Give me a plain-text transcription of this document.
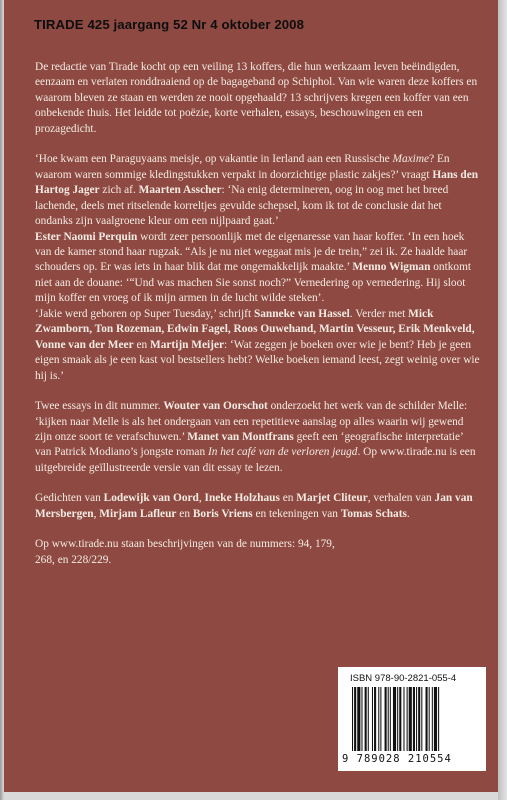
TIRADE 425 jaargang 52 Nr 4 oktober 2008

De redactie van Tirade kocht op een veiling 13 koffers, die hun werkzaam leven beëindigden, eenzaam en verlaten ronddraaiend op de bagageband op Schiphol. Van wie waren deze koffers en waarom bleven ze staan en werden ze nooit opgehaald? 13 schrijvers kregen een koffer van een onbekende thuis. Het leidde tot poëzie, korte verhalen, essays, beschouwingen en een prozagedicht.

‘Hoe kwam een Paraguyaans meisje, op vakantie in Ierland aan een Russische Maxime? En waarom waren sommige kledingstukken verpakt in doorzichtige plastic zakjes?’ vraagt Hans den Hartog Jager zich af. Maarten Asscher: ‘Na enig determineren, oog in oog met het breed lachende, deels met ritselende korreltjes gevulde schepsel, kom ik tot de conclusie dat het ondanks zijn vaalgroene kleur om een nijlpaard gaat.’

Ester Naomi Perquin wordt zeer persoonlijk met de eigenaresse van haar koffer. ‘In een hoek van de kamer stond haar rugzak. “Als je nu niet weggaat mis je de trein,” zei ik. Ze haalde haar schouders op. Er was iets in haar blik dat me ongemakkelijk maakte.’ Menno Wigman ontkomt niet aan de douane: ‘“Und was machen Sie sonst noch?” Vernedering op vernedering. Hij sloot mijn koffer en vroeg of ik mijn armen in de lucht wilde steken’.

‘Jakie werd geboren op Super Tuesday,’ schrijft Sanneke van Hassel. Verder met Mick Zwamborn, Ton Rozeman, Edwin Fagel, Roos Ouwehand, Martin Vesseur, Erik Menkveld, Vonne van der Meer en Martijn Meijer: ‘Wat zeggen je boeken over wie je bent? Heb je geen eigen smaak als je een kast vol bestsellers hebt? Welke boeken iemand leest, zegt weinig over wie hij is.’

Twee essays in dit nummer. Wouter van Oorschot onderzoekt het werk van de schilder Melle: ‘kijken naar Melle is als het ondergaan van een repetitieve aanslag op alles waarin wij gewend zijn onze soort te verafschuwen.’ Manet van Montfrans geeft een ‘geografische interpretatie’ van Patrick Modiano’s jongste roman In het café van de verloren jeugd. Op www.tirade.nu is een uitgebreide geïllustreerde versie van dit essay te lezen.

Gedichten van Lodewijk van Oord, Ineke Holzhaus en Marjet Cliteur, verhalen van Jan van Mersbergen, Mirjam Lafleur en Boris Vriens en tekeningen van Tomas Schats.

Op www.tirade.nu staan beschrijvingen van de nummers: 94, 179, 268, en 228/229.

ISBN 978-90-2821-055-4
9 789028 210554
